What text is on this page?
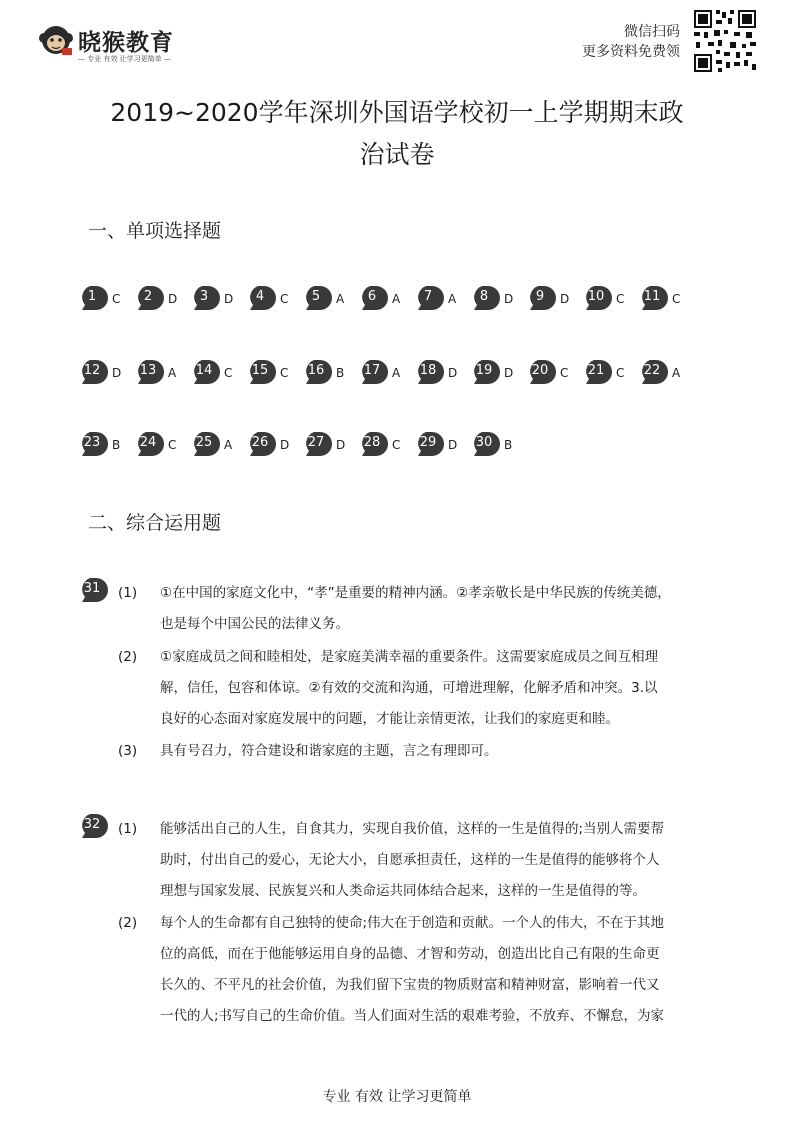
晓猴教育
— 专业 有效 让学习更简单 —
微信扫码
更多资料免费领
2019~2020学年深圳外国语学校初一上学期期末政
治试卷
一、单项选择题
1	C	2	D	3	D	4	C	5	A	6	A	7	A	8	D	9	D	10 C	11 C
12 D	13 A	14 C	15 C	16 B	17 A	18 D	19 D	20 C	21 C	22 A
23 B	24 C	25 A	26 D	27 D	28 C	29 D	30 B
二、综合运用题
31	(1)	①在中国的家庭文化中，“孝”是重要的精神内涵。②孝亲敬长是中华民族的传统美德，
也是每个中国公民的法律义务。
(2)	①家庭成员之间和睦相处，是家庭美满幸福的重要条件。这需要家庭成员之间互相理
解，信任，包容和体谅。②有效的交流和沟通，可增进理解，化解矛盾和冲突。3.以
良好的心态面对家庭发展中的问题，才能让亲情更浓，让我们的家庭更和睦。
(3)	具有号召力，符合建设和谐家庭的主题，言之有理即可。
32	(1)	能够活出自己的人生，自食其力，实现自我价值，这样的一生是值得的;当别人需要帮
助时，付出自己的爱心，无论大小，自愿承担责任，这样的一生是值得的能够将个人
理想与国家发展、民族复兴和人类命运共同体结合起来，这样的一生是值得的等。
(2)	每个人的生命都有自己独特的使命;伟大在于创造和贡献。一个人的伟大，不在于其地
位的高低，而在于他能够运用自身的品德、才智和劳动，创造出比自己有限的生命更
长久的、不平凡的社会价值，为我们留下宝贵的物质财富和精神财富，影响着一代又
一代的人;书写自己的生命价值。当人们面对生活的艰难考验，不放弃、不懈怠，为家
专业 有效 让学习更简单
